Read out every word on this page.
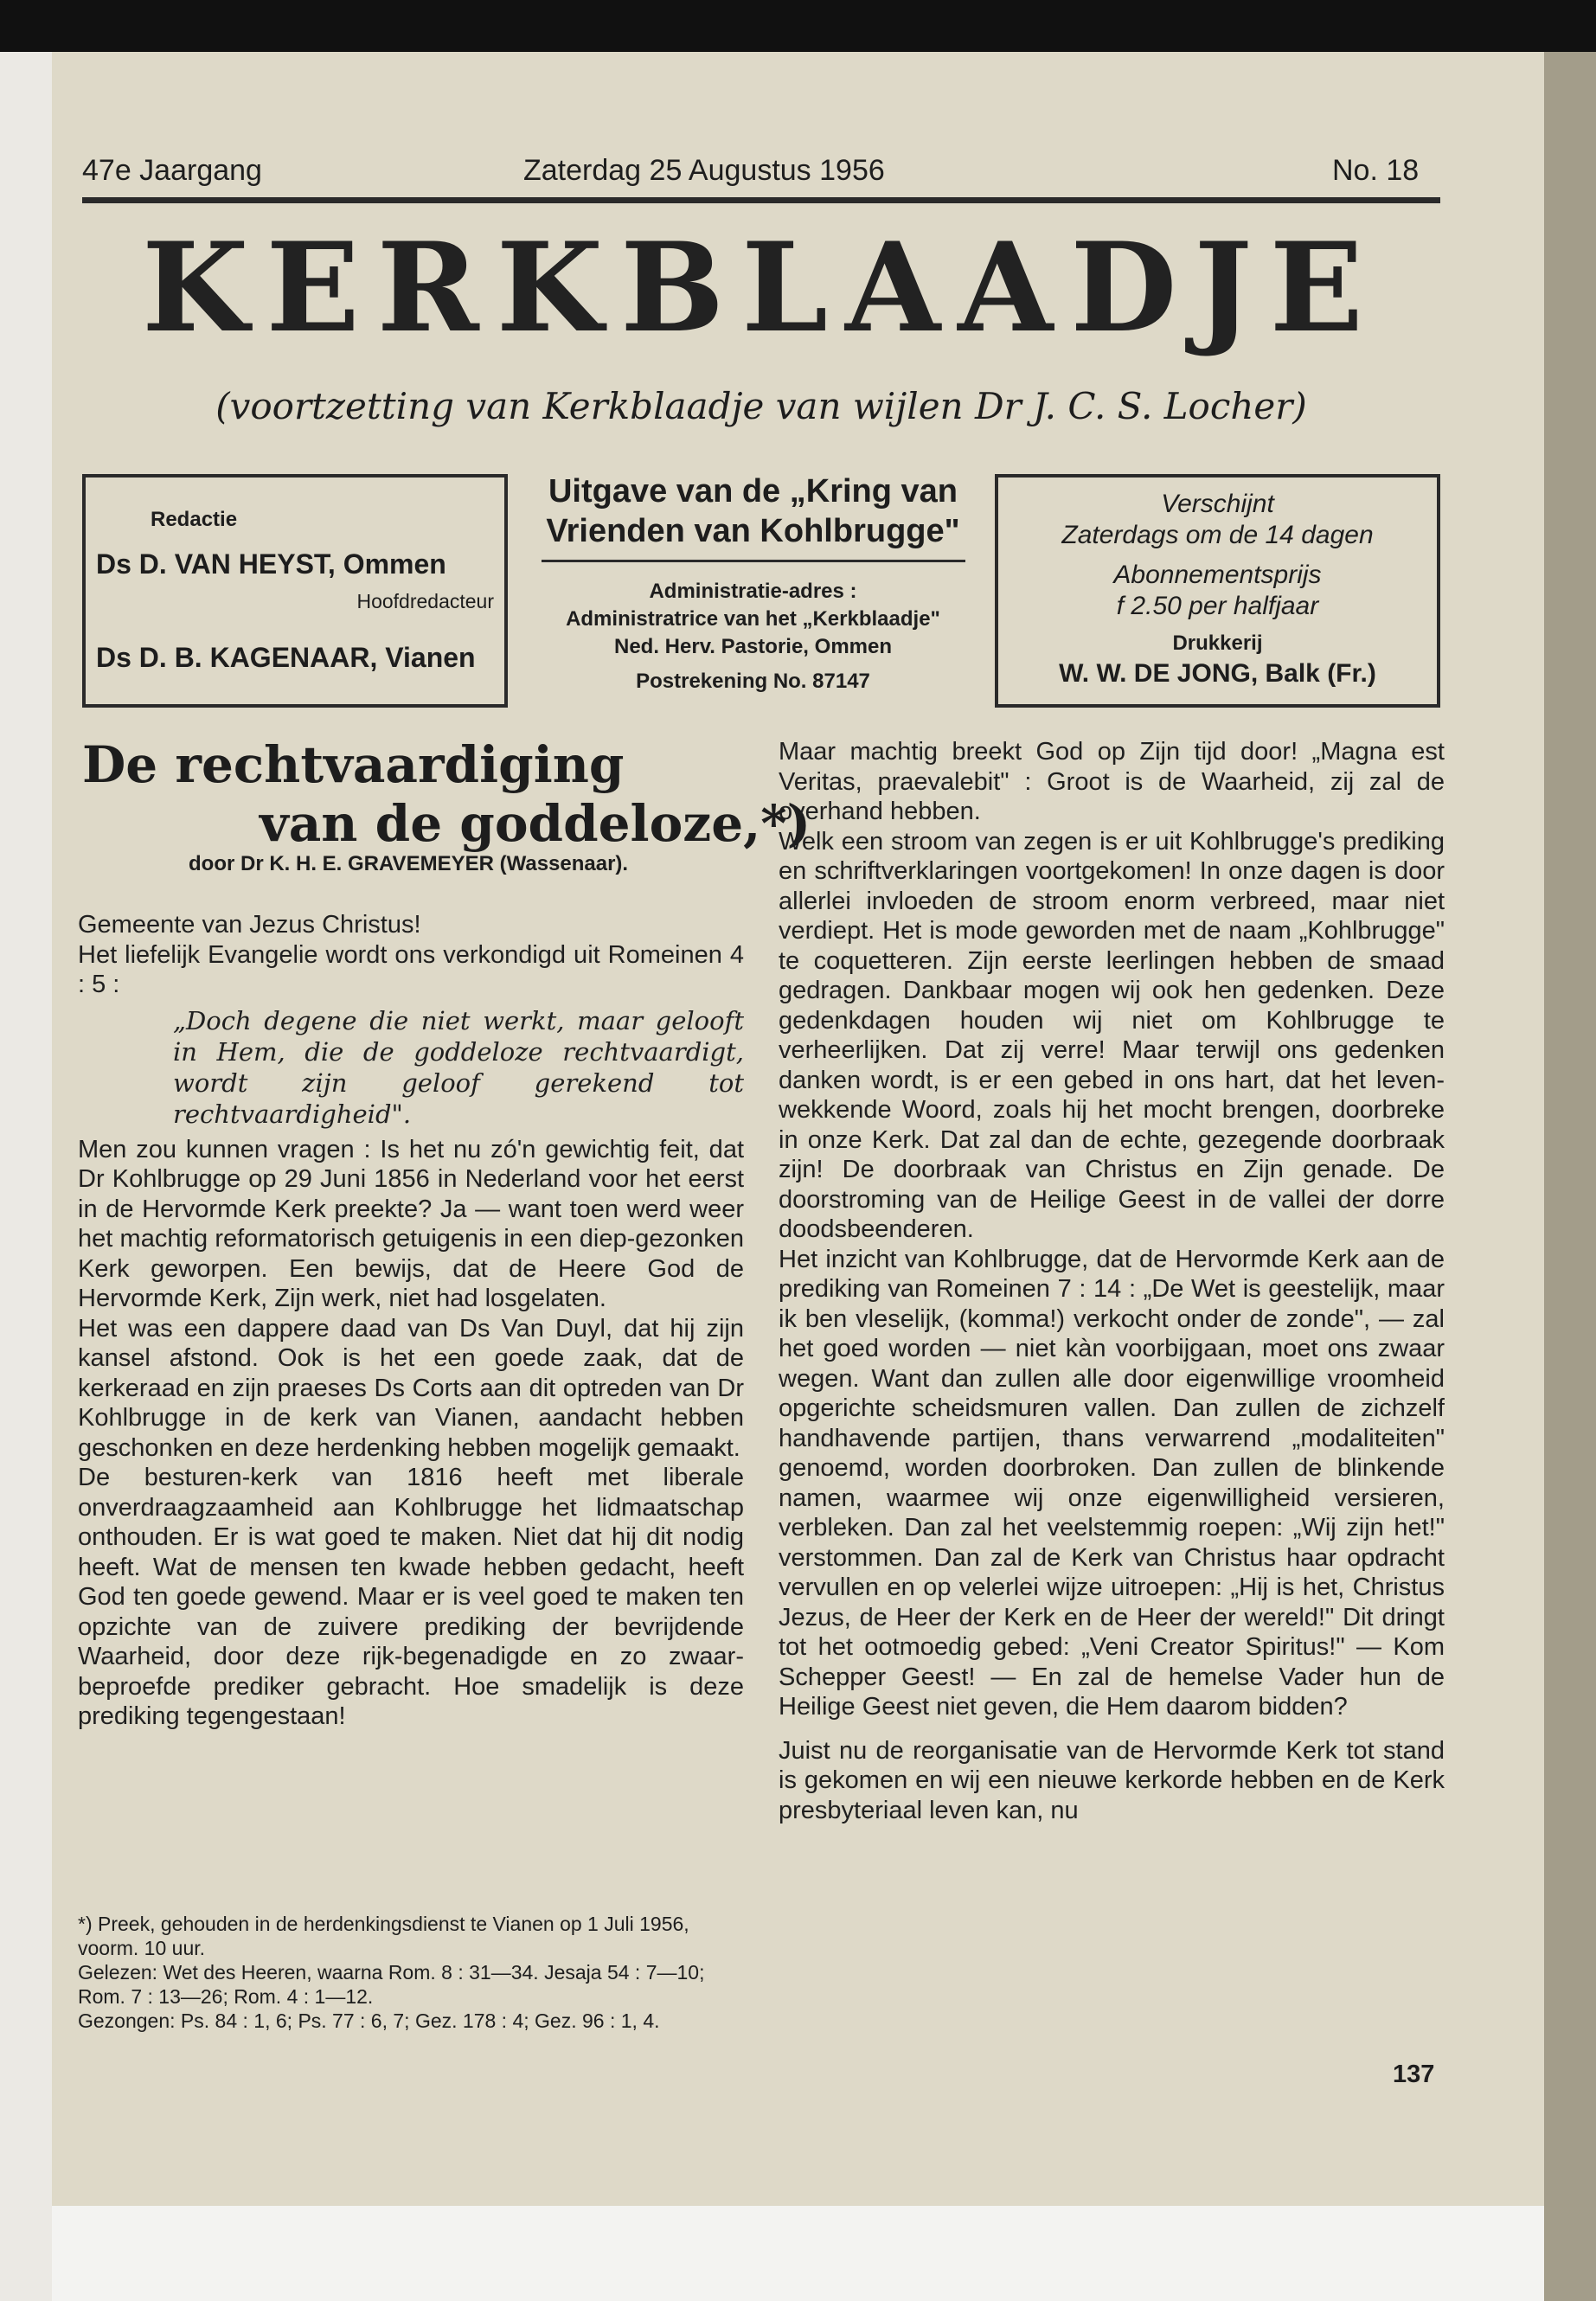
47e Jaargang	Zaterdag 25 Augustus 1956	No. 18
KERKBLAADJE
(voortzetting van Kerkblaadje van wijlen Dr J. C. S. Locher)
Redactie
Ds D. VAN HEYST, Ommen
Hoofdredacteur
Ds D. B. KAGENAAR, Vianen
Uitgave van de „Kring van Vrienden van Kohlbrugge"
Administratie-adres :
Administratrice van het „Kerkblaadje"
Ned. Herv. Pastorie, Ommen
Postrekening No. 87147
Verschijnt
Zaterdags om de 14 dagen
Abonnementsprijs
f 2.50 per halfjaar
Drukkerij
W. W. DE JONG, Balk (Fr.)
De rechtvaardiging
van de goddeloze,*)
door Dr K. H. E. GRAVEMEYER (Wassenaar).

Gemeente van Jezus Christus!

Het liefelijk Evangelie wordt ons verkondigd uit Romeinen 4 : 5 :

„Doch degene die niet werkt, maar gelooft in Hem, die de goddeloze rechtvaardigt, wordt zijn geloof gerekend tot rechtvaardigheid".

Men zou kunnen vragen : Is het nu zó'n gewichtig feit, dat Dr Kohlbrugge op 29 Juni 1856 in Nederland voor het eerst in de Hervormde Kerk preekte? Ja — want toen werd weer het machtig reformatorisch getuigenis in een diep-gezonken Kerk geworpen. Een bewijs, dat de Heere God de Hervormde Kerk, Zijn werk, niet had losgelaten.

Het was een dappere daad van Ds Van Duyl, dat hij zijn kansel afstond. Ook is het een goede zaak, dat de kerkeraad en zijn praeses Ds Corts aan dit optreden van Dr Kohlbrugge in de kerk van Vianen, aandacht hebben geschonken en deze herdenking hebben mogelijk gemaakt.

De besturen-kerk van 1816 heeft met liberale onverdraagzaamheid aan Kohlbrugge het lidmaatschap onthouden. Er is wat goed te maken. Niet dat hij dit nodig heeft. Wat de mensen ten kwade hebben gedacht, heeft God ten goede gewend. Maar er is veel goed te maken ten opzichte van de zuivere prediking der bevrijdende Waarheid, door deze rijk-begenadigde en zo zwaar-beproefde prediker gebracht. Hoe smadelijk is deze prediking tegengestaan!

*) Preek, gehouden in de herdenkingsdienst te Vianen op 1 Juli 1956, voorm. 10 uur.

Gelezen: Wet des Heeren, waarna Rom. 8 : 31—34. Jesaja 54 : 7—10; Rom. 7 : 13—26; Rom. 4 : 1—12.

Gezongen: Ps. 84 : 1, 6; Ps. 77 : 6, 7; Gez. 178 : 4; Gez. 96 : 1, 4.

Maar machtig breekt God op Zijn tijd door! „Magna est Veritas, praevalebit" : Groot is de Waarheid, zij zal de overhand hebben.

Welk een stroom van zegen is er uit Kohlbrugge's prediking en schriftverklaringen voortgekomen! In onze dagen is door allerlei invloeden de stroom enorm verbreed, maar niet verdiept. Het is mode geworden met de naam „Kohlbrugge" te coquetteren. Zijn eerste leerlingen hebben de smaad gedragen. Dankbaar mogen wij ook hen gedenken. Deze gedenkdagen houden wij niet om Kohlbrugge te verheerlijken. Dat zij verre! Maar terwijl ons gedenken danken wordt, is er een gebed in ons hart, dat het leven-wekkende Woord, zoals hij het mocht brengen, doorbreke in onze Kerk. Dat zal dan de echte, gezegende doorbraak zijn! De doorbraak van Christus en Zijn genade. De doorstroming van de Heilige Geest in de vallei der dorre doodsbeenderen.

Het inzicht van Kohlbrugge, dat de Hervormde Kerk aan de prediking van Romeinen 7 : 14 : „De Wet is geestelijk, maar ik ben vleselijk, (komma!) verkocht onder de zonde", — zal het goed worden — niet kàn voorbijgaan, moet ons zwaar wegen. Want dan zullen alle door eigenwillige vroomheid opgerichte scheidsmuren vallen. Dan zullen de zichzelf handhavende partijen, thans verwarrend „modaliteiten" genoemd, worden doorbroken. Dan zullen de blinkende namen, waarmee wij onze eigenwilligheid versieren, verbleken. Dan zal het veelstemmig roepen: „Wij zijn het!" verstommen. Dan zal de Kerk van Christus haar opdracht vervullen en op velerlei wijze uitroepen: „Hij is het, Christus Jezus, de Heer der Kerk en de Heer der wereld!" Dit dringt tot het ootmoedig gebed: „Veni Creator Spiritus!" — Kom Schepper Geest! — En zal de hemelse Vader hun de Heilige Geest niet geven, die Hem daarom bidden?

Juist nu de reorganisatie van de Hervormde Kerk tot stand is gekomen en wij een nieuwe kerkorde hebben en de Kerk presbyteriaal leven kan, nu

137
